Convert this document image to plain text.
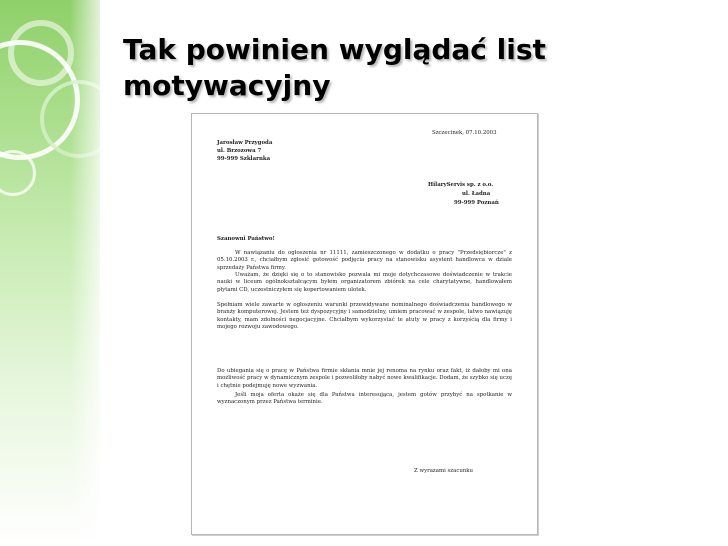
Tak powinien wyglądać list
motywacyjny
Szczecinek, 07.10.2003
Jarosław Przygoda
ul. Brzozowa 7
99-999 Szklarnka
HilaryServis sp. z o.o.
ul. Ładna
99-999 Poznań
Szanowni Państwo!

W nawiązaniu do ogłoszenia nr 11111, zamieszczonego w dodatku o pracy "Przedsiębiorcze" z 05.10.2003 r., chciałbym zgłosić gotowość podjęcia pracy na stanowisku asystent handlowca w dziale sprzedaży Państwa firmy.

Uważam, że dzięki się o to stanowisko pozwala mi moje dotychczasowe doświadczenie w trakcie nauki w liceum ogólnokształcącym byłem organizatorem zbiórek na cele charytatywne, handlowałem płytami CD, uczestniczyłem się kopertowaniem ulotek.

Spełniam wiele zawarte w ogłoszeniu warunki przewidywane nominalnego doświadczenia handlowego w branży komputerowej. Jestem też dyspozycyjny i samodzielny, umiem pracować w zespole, łatwo nawiązuję kontakty, mam zdolności negocjacyjne. Chciałbym wykorzystać te atuty w pracy z korzyścią dla firmy i mojego rozwoju zawodowego.

Do ubiegania się o pracę w Państwa firmie skłania mnie jej renoma na rynku oraz fakt, iż dałoby mi ona możliwość pracy w dynamicznym zespole i pozwoliłoby nabyć nowe kwalifikacje. Dodam, że szybko się uczę i chętnie podejmuję nowe wyzwania.

Jeśli moja oferta okaże się dla Państwa interesująca, jestem gotów przybyć na spotkanie w wyznaczonym przez Państwa terminie.

Z wyrazami szacunku
